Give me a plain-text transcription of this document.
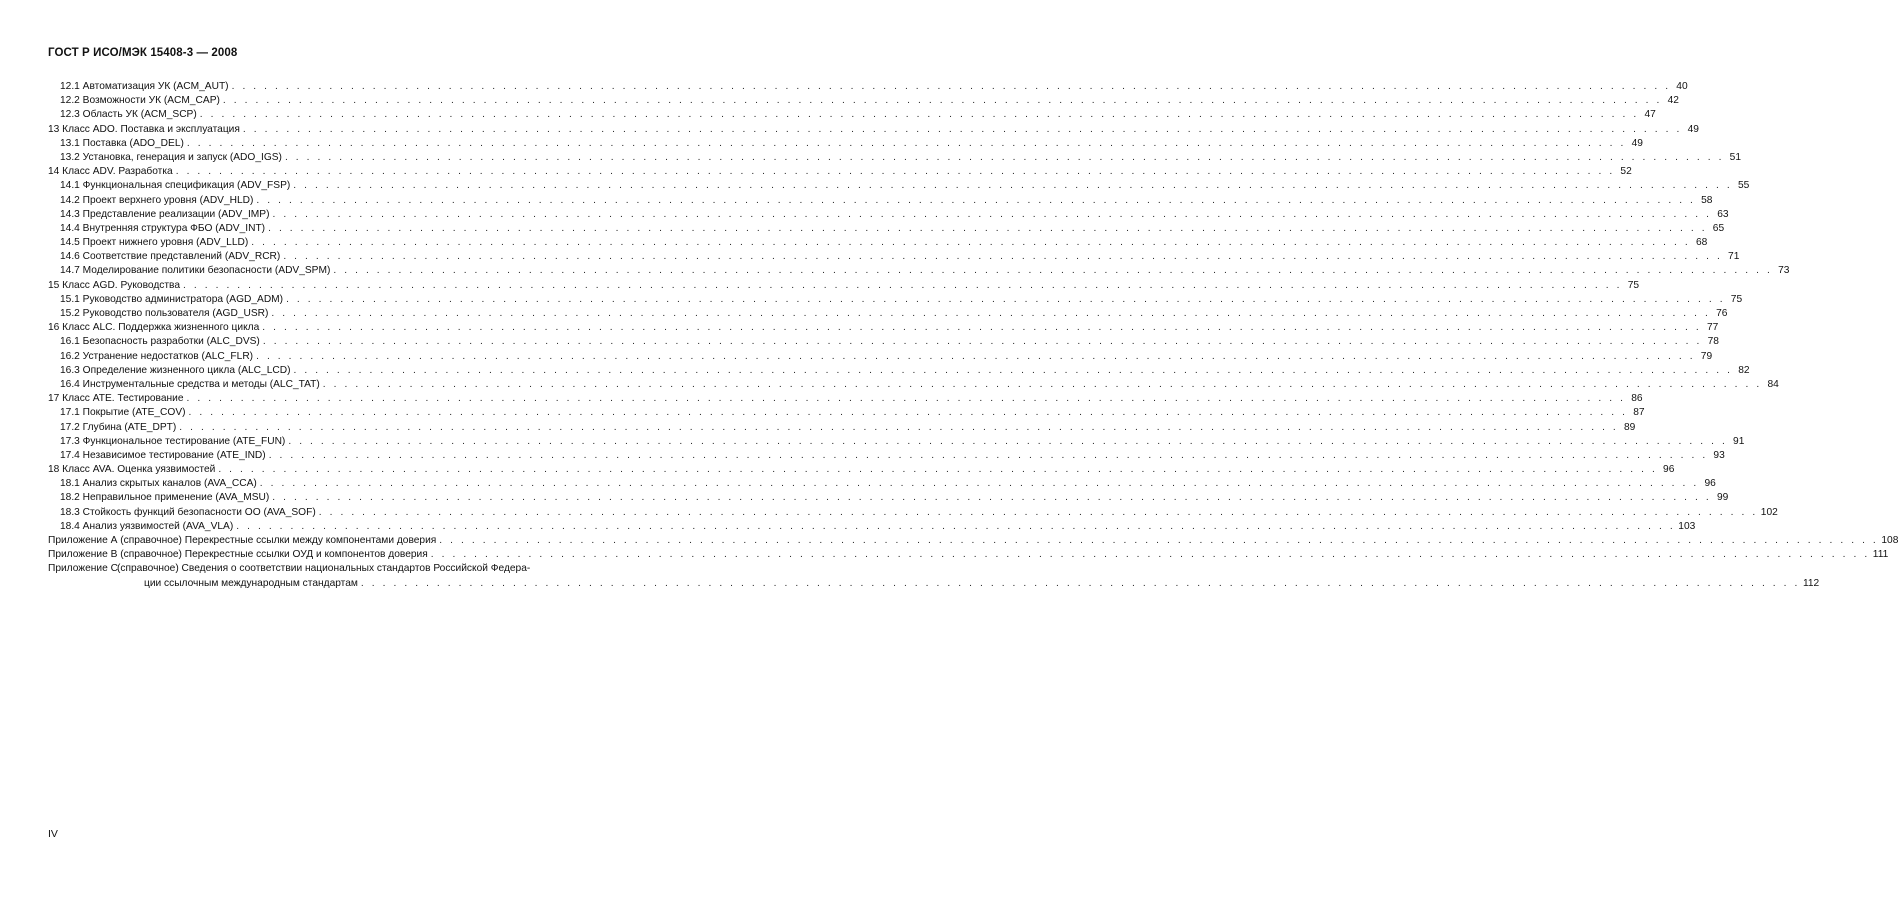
ГОСТ Р ИСО/МЭК 15408-3 — 2008
12.1 Автоматизация УК (ACM_AUT) . . .	40
12.2 Возможности УК (ACM_CAP) . . .	42
12.3 Область УК (ACM_SCP) . . .	47
13 Класс ADO. Поставка и эксплуатация . . .	49
13.1 Поставка (ADO_DEL) . . .	49
13.2 Установка, генерация и запуск (ADO_IGS) . . .	51
14 Класс ADV. Разработка . . .	52
14.1 Функциональная спецификация (ADV_FSP) . . .	55
14.2 Проект верхнего уровня (ADV_HLD) . . .	58
14.3 Представление реализации (ADV_IMP) . . .	63
14.4 Внутренняя структура ФБО (ADV_INT) . . .	65
14.5 Проект нижнего уровня (ADV_LLD) . . .	68
14.6 Соответствие представлений (ADV_RCR) . . .	71
14.7 Моделирование политики безопасности (ADV_SPM) . . .	73
15 Класс AGD. Руководства . . .	75
15.1 Руководство администратора (AGD_ADM) . . .	75
15.2 Руководство пользователя (AGD_USR) . . .	76
16 Класс ALC. Поддержка жизненного цикла . . .	77
16.1 Безопасность разработки (ALC_DVS) . . .	78
16.2 Устранение недостатков (ALC_FLR) . . .	79
16.3 Определение жизненного цикла (ALC_LCD) . . .	82
16.4 Инструментальные средства и методы (ALC_TAT) . . .	84
17 Класс ATE. Тестирование . . .	86
17.1 Покрытие (ATE_COV) . . .	87
17.2 Глубина (ATE_DPT) . . .	89
17.3 Функциональное тестирование (ATE_FUN) . . .	91
17.4 Независимое тестирование (ATE_IND) . . .	93
18 Класс AVA. Оценка уязвимостей . . .	96
18.1 Анализ скрытых каналов (AVA_CCA) . . .	96
18.2 Неправильное применение (AVA_MSU) . . .	99
18.3 Стойкость функций безопасности ОО (AVA_SOF) . . .	102
18.4 Анализ уязвимостей (AVA_VLA) . . .	103
Приложение А (справочное) Перекрестные ссылки между компонентами доверия . . .	108
Приложение В (справочное) Перекрестные ссылки ОУД и компонентов доверия . . .	111
Приложение С (справочное) Сведения о соответствии национальных стандартов Российской Федера-
ции ссылочным международным стандартам . . .	112
IV
